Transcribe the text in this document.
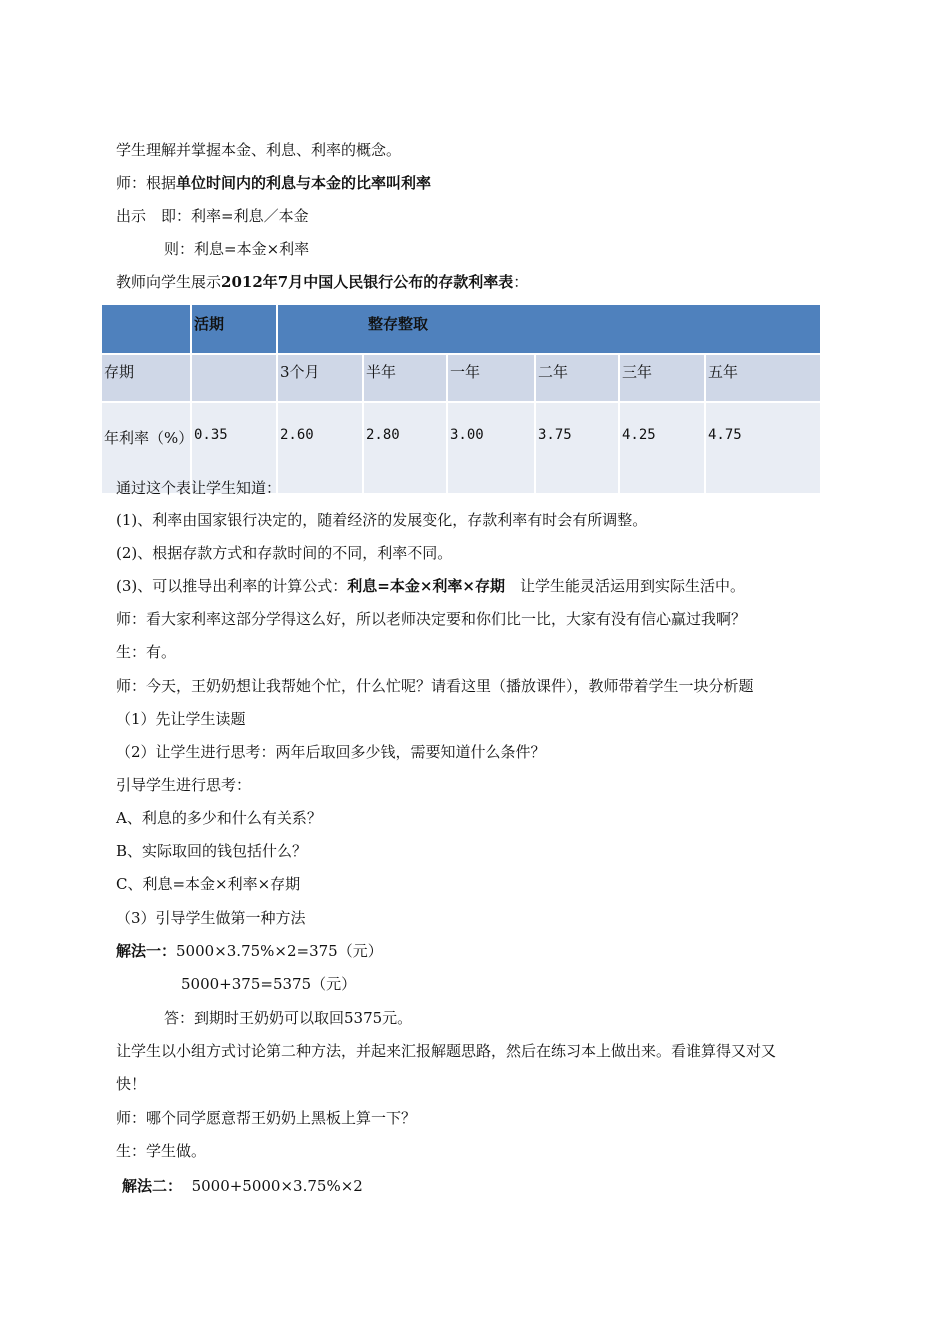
学生理解并掌握本金、利息、利率的概念。
师：根据单位时间内的利息与本金的比率叫利率
出示　即：利率=利息／本金
则：利息=本金×利率
教师向学生展示2012年7月中国人民银行公布的存款利率表：
	活期	整存整取					
存期		3个月	半年	一年	二年	三年	五年
年利率（%）	0.35	2.60	2.80	3.00	3.75	4.25	4.75
通过这个表让学生知道：
(1)、利率由国家银行决定的，随着经济的发展变化，存款利率有时会有所调整。
(2)、根据存款方式和存款时间的不同，利率不同。
(3)、可以推导出利率的计算公式：利息=本金×利率×存期　让学生能灵活运用到实际生活中。
师：看大家利率这部分学得这么好，所以老师决定要和你们比一比，大家有没有信心赢过我啊？
生：有。
师：今天，王奶奶想让我帮她个忙，什么忙呢？请看这里（播放课件），教师带着学生一块分析题
（1）先让学生读题
（2）让学生进行思考：两年后取回多少钱，需要知道什么条件？
引导学生进行思考：
A、利息的多少和什么有关系？
B、实际取回的钱包括什么？
C、利息=本金×利率×存期
（3）引导学生做第一种方法
解法一：5000×3.75%×2=375（元）
5000+375=5375（元）
答：到期时王奶奶可以取回5375元。
让学生以小组方式讨论第二种方法，并起来汇报解题思路，然后在练习本上做出来。看谁算得又对又
快！
师：哪个同学愿意帮王奶奶上黑板上算一下？
生：学生做。
解法二： 5000+5000×3.75%×2
